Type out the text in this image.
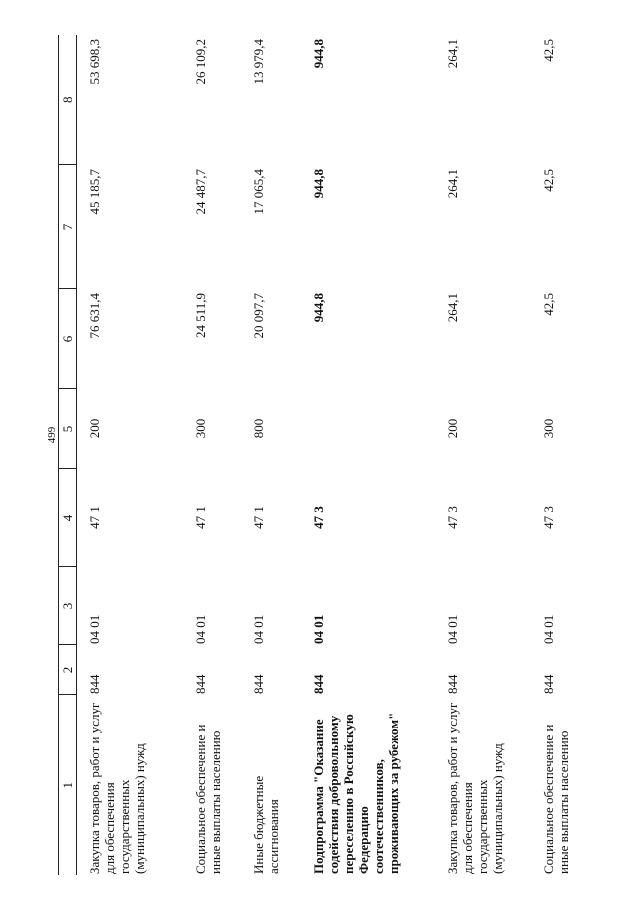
499
1	2	3	4	5	6	7	8
Закупка товаров, работ и услуг для обеспечения государственных (муниципальных) нужд	844	04 01	47 1	200	76 631,4	45 185,7	53 698,3
Социальное обеспечение и иные выплаты населению	844	04 01	47 1	300	24 511,9	24 487,7	26 109,2
Иные бюджетные ассигнования	844	04 01	47 1	800	20 097,7	17 065,4	13 979,4
Подпрограмма "Оказание содействия добровольному переселению в Российскую Федерацию соотечественников, проживающих за рубежом"	844	04 01	47 3		944,8	944,8	944,8
Закупка товаров, работ и услуг для обеспечения государственных (муниципальных) нужд	844	04 01	47 3	200	264,1	264,1	264,1
Социальное обеспечение и иные выплаты населению	844	04 01	47 3	300	42,5	42,5	42,5
